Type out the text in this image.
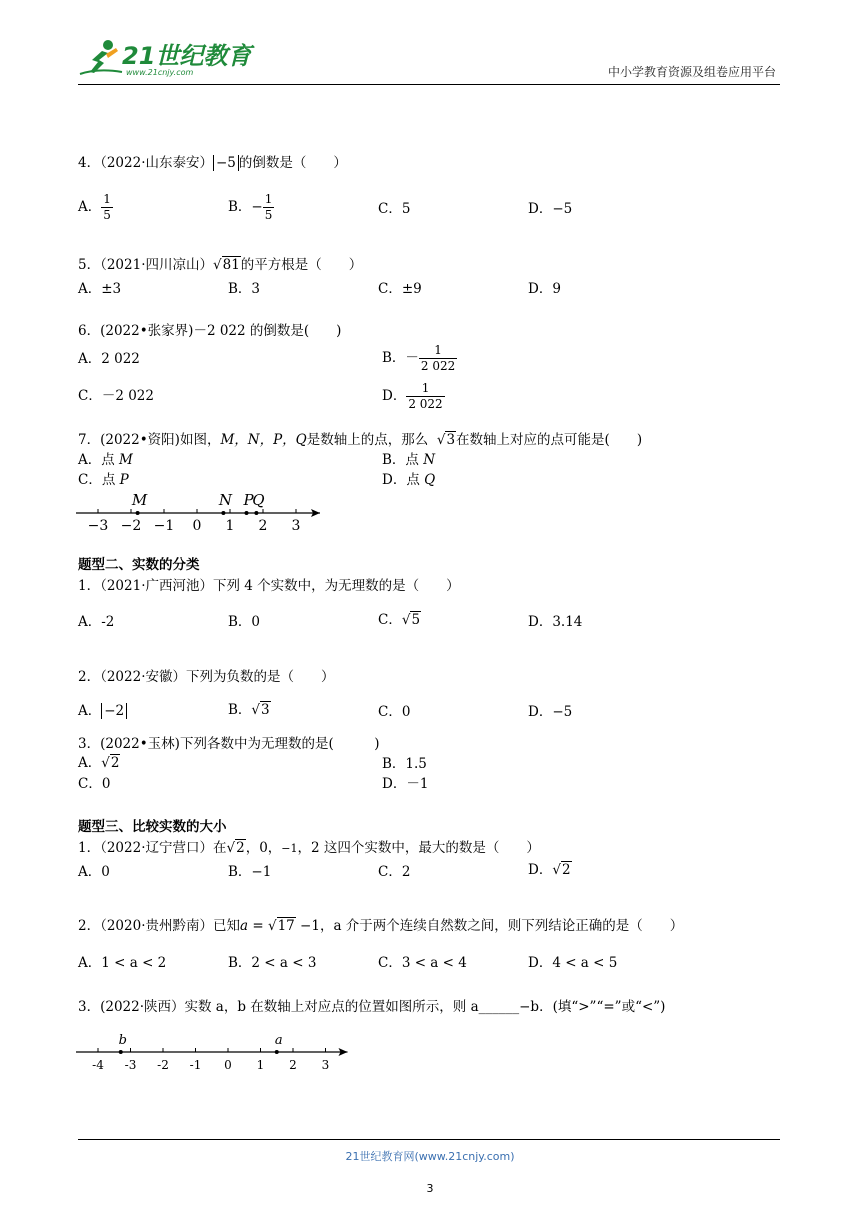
21世纪教育
www.21cnjy.com	中小学教育资源及组卷应用平台
4．（2022·山东泰安） −5 的倒数是（　　）
A． $\frac{1}{5}$	B．− $\frac{1}{5}$	C．5	D．−5
5．（2021·四川凉山）√81的平方根是（　　）
A．±3	B．3	C．±9	D．9
6．(2022•张家界)－2 022 的倒数是(　　)
A．2 022	B．－ $\frac{1}{2 022}$
C．－2 022	D． $\frac{1}{2 022}$
7．(2022•资阳)如图，M，N，P，Q是数轴上的点，那么 √3在数轴上对应的点可能是(　　)
A．点 M	B．点 N
C．点 P	D．点 Q
−3 −2 −1 0 1 2 3
M	N P
Q
题型二、实数的分类
1．（2021·广西河池）下列 4 个实数中，为无理数的是（　　）
A．-2	B．0	C．√5	D．3.14
2．（2022·安徽）下列为负数的是（　　）
A． −2	B．√3	C．0	D．−5
3．(2022•玉林)下列各数中为无理数的是(　　　)
A．√2	B．1.5
C．0	D．－1
题型三、比较实数的大小
1．（2022·辽宁营口）在√2，0，−1，2 这四个实数中，最大的数是（　　）
A．0	B．−1	C．2	D．√2
2．（2020·贵州黔南）已知a = √17 −1，a 介于两个连续自然数之间，则下列结论正确的是（　　）
A．1 < a < 2	B．2 < a < 3	C．3 < a < 4	D．4 < a < 5
3．(2022·陕西）实数 a，b 在数轴上对应点的位置如图所示，则 a______−b．(填“>”“=”或“<”)
-4 -3 -2 -1 0 1 2 3
b	a
21世纪教育网(www.21cnjy.com)
3
